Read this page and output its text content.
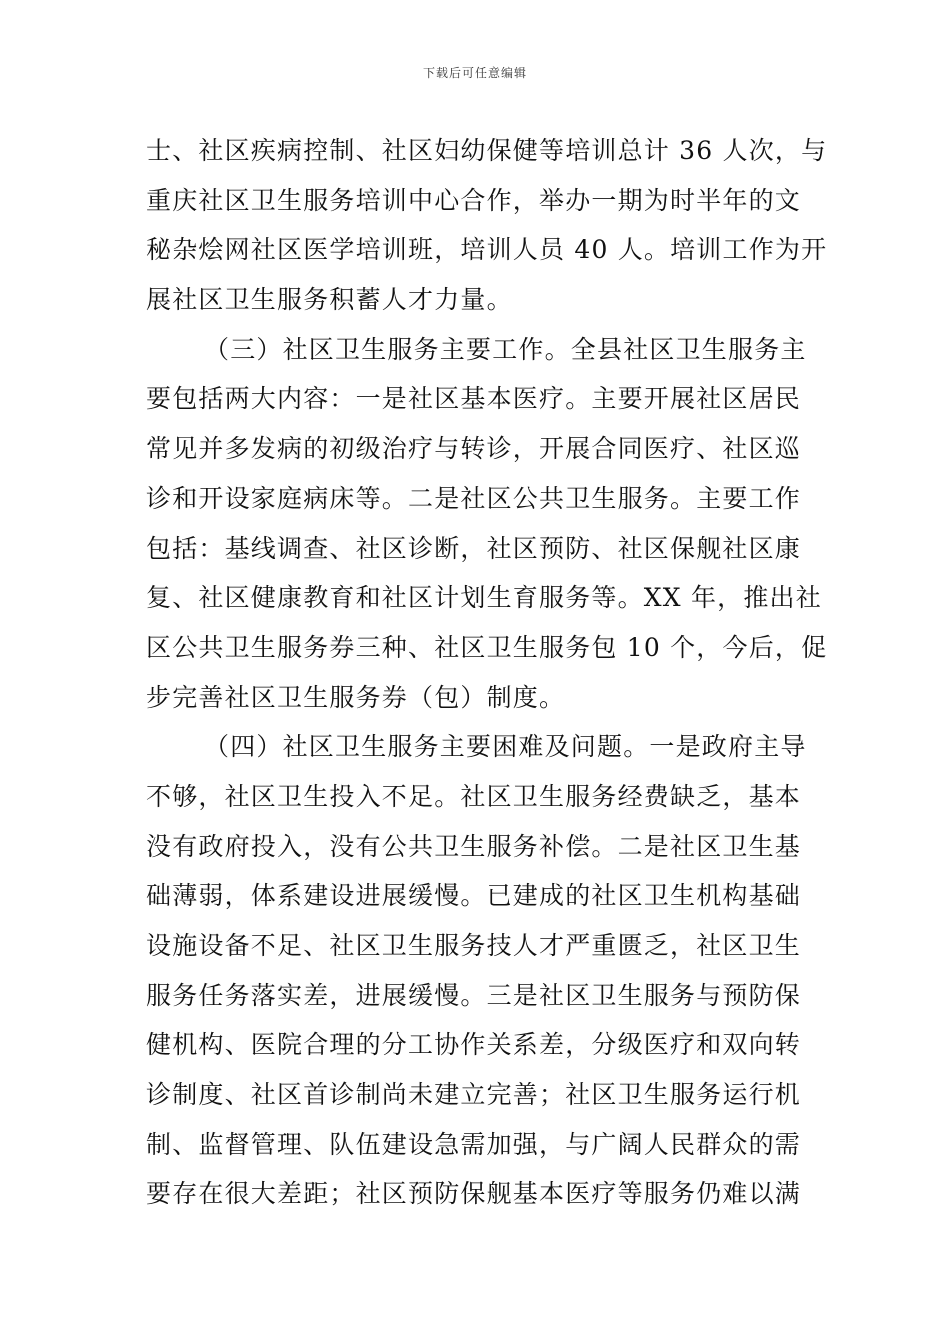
下载后可任意编辑
士、社区疾病控制、社区妇幼保健等培训总计 36 人次，与
重庆社区卫生服务培训中心合作，举办一期为时半年的文
秘杂烩网社区医学培训班，培训人员 40 人。培训工作为开
展社区卫生服务积蓄人才力量。
（三）社区卫生服务主要工作。全县社区卫生服务主
要包括两大内容：一是社区基本医疗。主要开展社区居民
常见并多发病的初级治疗与转诊，开展合同医疗、社区巡
诊和开设家庭病床等。二是社区公共卫生服务。主要工作
包括：基线调查、社区诊断，社区预防、社区保舰社区康
复、社区健康教育和社区计划生育服务等。XX 年，推出社
区公共卫生服务券三种、社区卫生服务包 10 个，今后，促
步完善社区卫生服务券（包）制度。
（四）社区卫生服务主要困难及问题。一是政府主导
不够，社区卫生投入不足。社区卫生服务经费缺乏，基本
没有政府投入，没有公共卫生服务补偿。二是社区卫生基
础薄弱，体系建设进展缓慢。已建成的社区卫生机构基础
设施设备不足、社区卫生服务技人才严重匮乏，社区卫生
服务任务落实差，进展缓慢。三是社区卫生服务与预防保
健机构、医院合理的分工协作关系差，分级医疗和双向转
诊制度、社区首诊制尚未建立完善；社区卫生服务运行机
制、监督管理、队伍建设急需加强，与广阔人民群众的需
要存在很大差距；社区预防保舰基本医疗等服务仍难以满
